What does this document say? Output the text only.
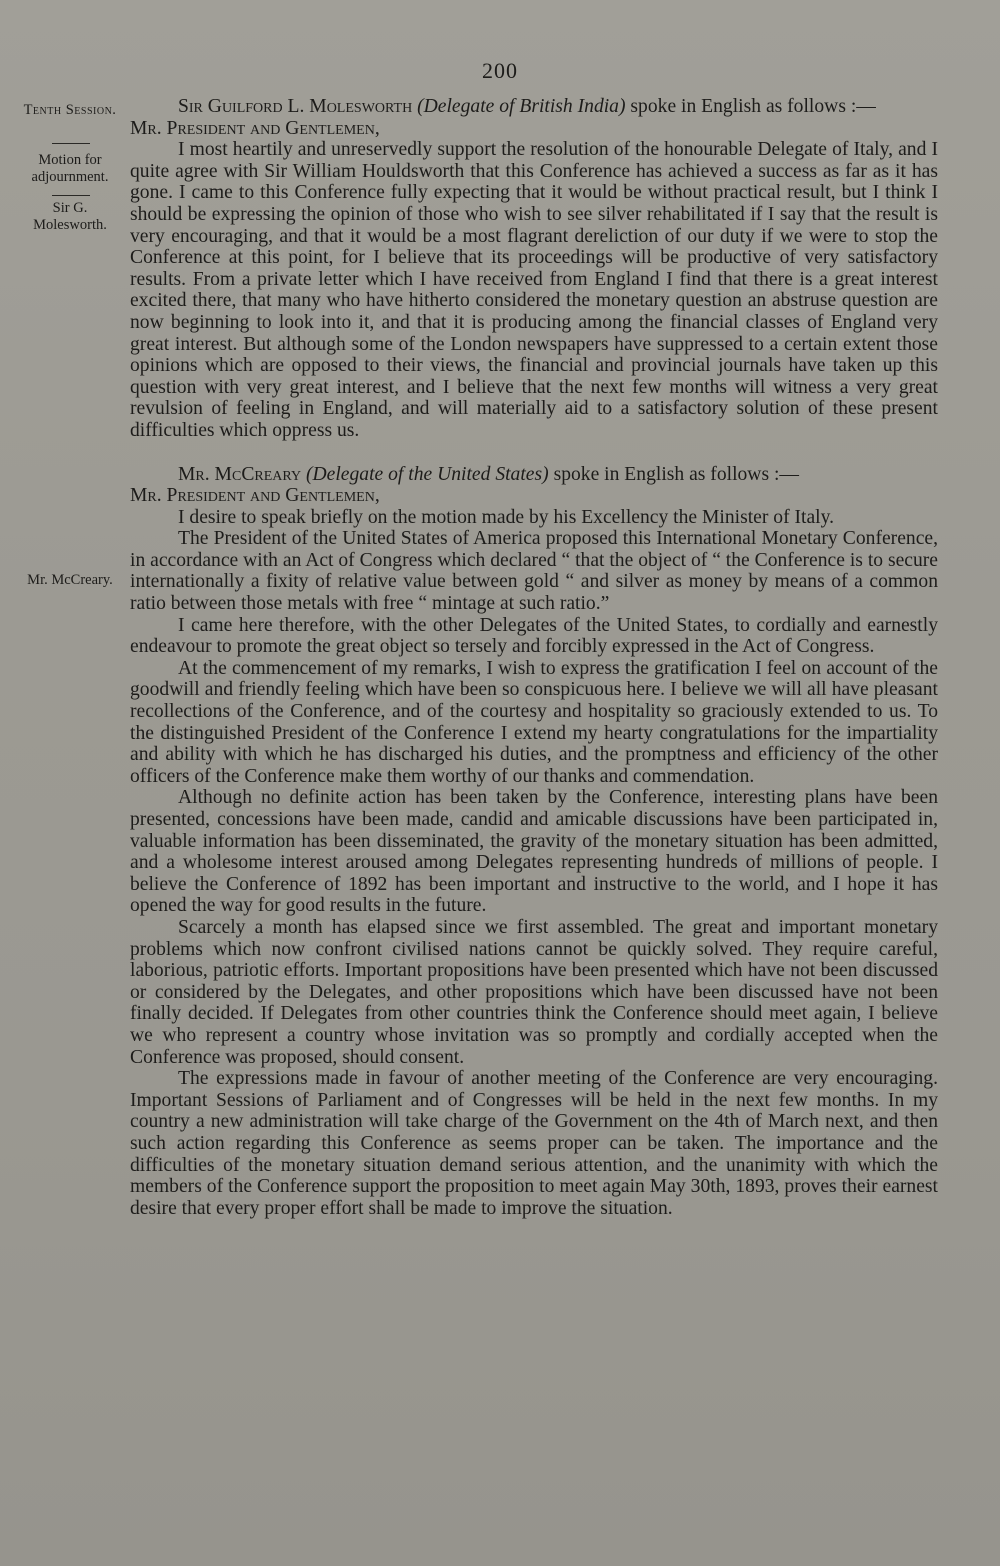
200
Tenth Session.
Motion for adjournment.
Sir G. Molesworth.
Mr. McCreary.

Sir Guilford L. Molesworth (Delegate of British India) spoke in English as follows :—

Mr. President and Gentlemen,

I most heartily and unreservedly support the resolution of the honourable Delegate of Italy, and I quite agree with Sir William Houldsworth that this Conference has achieved a success as far as it has gone. I came to this Conference fully expecting that it would be without practical result, but I think I should be expressing the opinion of those who wish to see silver rehabilitated if I say that the result is very encouraging, and that it would be a most flagrant dereliction of our duty if we were to stop the Conference at this point, for I believe that its proceedings will be productive of very satisfactory results. From a private letter which I have received from England I find that there is a great interest excited there, that many who have hitherto considered the monetary question an abstruse question are now beginning to look into it, and that it is producing among the financial classes of England very great interest. But although some of the London newspapers have suppressed to a certain extent those opinions which are opposed to their views, the financial and provincial journals have taken up this question with very great interest, and I believe that the next few months will witness a very great revulsion of feeling in England, and will materially aid to a satisfactory solution of these present difficulties which oppress us.

Mr. McCreary (Delegate of the United States) spoke in English as follows :—

Mr. President and Gentlemen,

I desire to speak briefly on the motion made by his Excellency the Minister of Italy.

The President of the United States of America proposed this International Monetary Conference, in accordance with an Act of Congress which declared “ that the object of “ the Conference is to secure internationally a fixity of relative value between gold “ and silver as money by means of a common ratio between those metals with free “ mintage at such ratio.”

I came here therefore, with the other Delegates of the United States, to cordially and earnestly endeavour to promote the great object so tersely and forcibly expressed in the Act of Congress.

At the commencement of my remarks, I wish to express the gratification I feel on account of the goodwill and friendly feeling which have been so conspicuous here. I believe we will all have pleasant recollections of the Conference, and of the courtesy and hospitality so graciously extended to us. To the distinguished President of the Conference I extend my hearty congratulations for the impartiality and ability with which he has discharged his duties, and the promptness and efficiency of the other officers of the Conference make them worthy of our thanks and commendation.

Although no definite action has been taken by the Conference, interesting plans have been presented, concessions have been made, candid and amicable discussions have been participated in, valuable information has been disseminated, the gravity of the monetary situation has been admitted, and a wholesome interest aroused among Delegates representing hundreds of millions of people. I believe the Conference of 1892 has been important and instructive to the world, and I hope it has opened the way for good results in the future.

Scarcely a month has elapsed since we first assembled. The great and important monetary problems which now confront civilised nations cannot be quickly solved. They require careful, laborious, patriotic efforts. Important propositions have been presented which have not been discussed or considered by the Delegates, and other propositions which have been discussed have not been finally decided. If Delegates from other countries think the Conference should meet again, I believe we who represent a country whose invitation was so promptly and cordially accepted when the Conference was proposed, should consent.

The expressions made in favour of another meeting of the Conference are very encouraging. Important Sessions of Parliament and of Congresses will be held in the next few months. In my country a new administration will take charge of the Government on the 4th of March next, and then such action regarding this Conference as seems proper can be taken. The importance and the difficulties of the monetary situation demand serious attention, and the unanimity with which the members of the Conference support the proposition to meet again May 30th, 1893, proves their earnest desire that every proper effort shall be made to improve the situation.
